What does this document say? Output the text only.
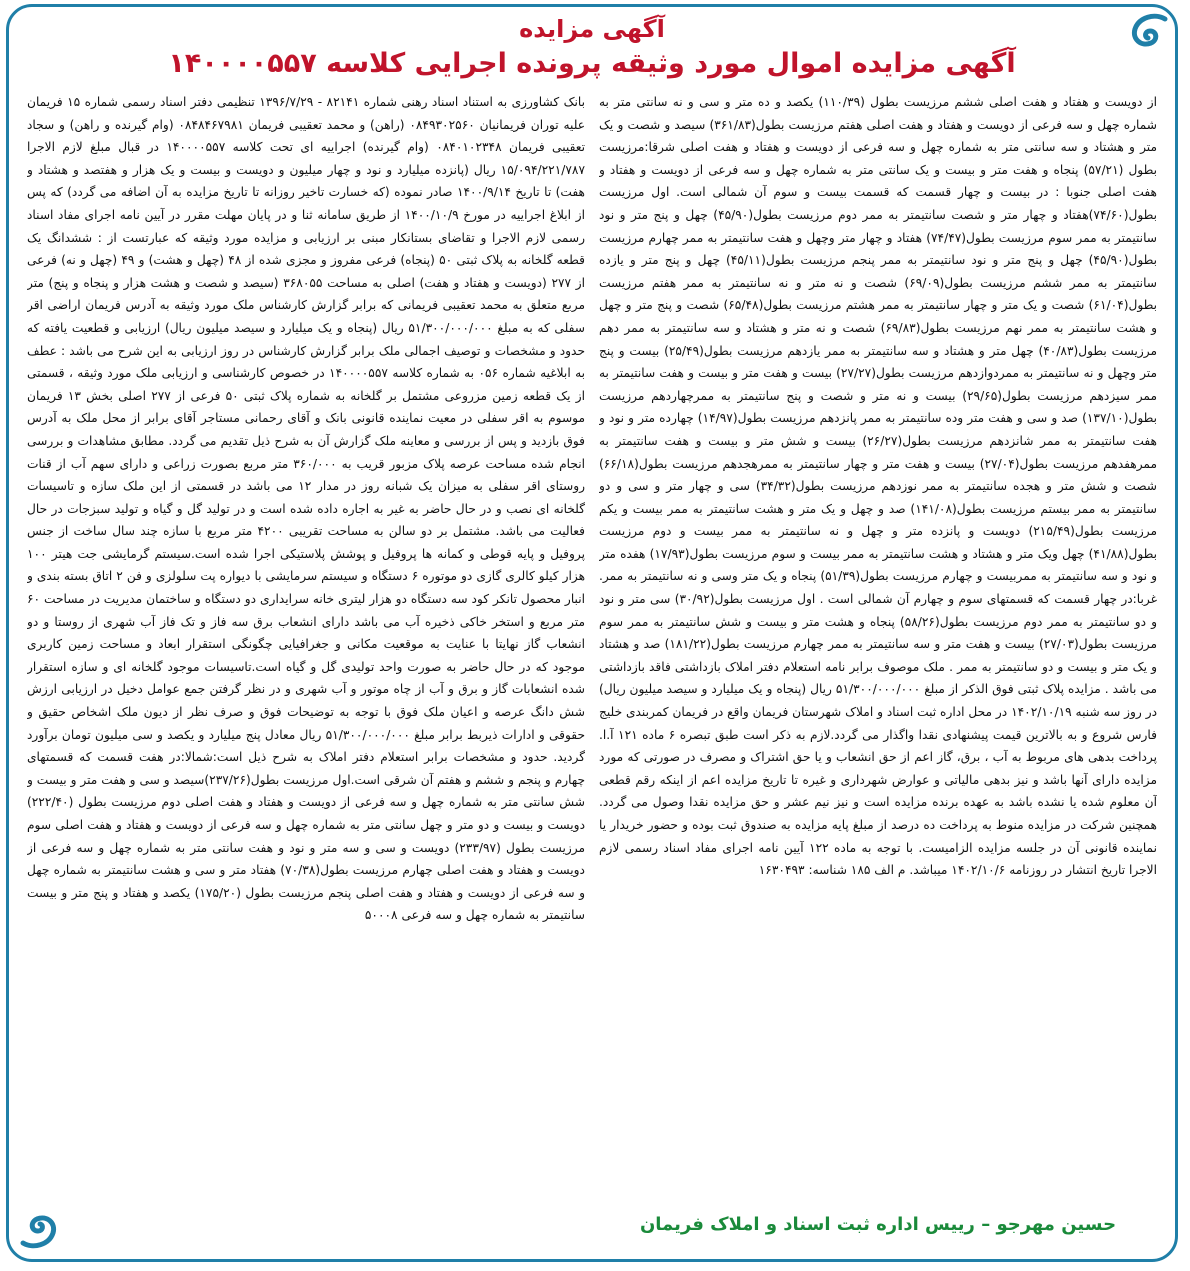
آگهی مزایده

آگهی مزایده اموال مورد وثیقه پرونده اجرایی کلاسه ۱۴۰۰۰۰۵۵۷

بانک کشاورزی به استناد اسناد رهنی شماره ۸۲۱۴۱ - ۱۳۹۶/۷/۲۹ تنظیمی دفتر اسناد رسمی شماره ۱۵ فریمان علیه توران فریمانیان ۰۸۴۹۳۰۲۵۶۰ (راهن) و محمد تعقیبی فریمان ۰۸۴۸۴۶۷۹۸۱ (وام گیرنده و راهن) و سجاد تعقیبی فریمان ۰۸۴۰۱۰۲۳۴۸ (وام گیرنده) اجراییه ای تحت کلاسه ۱۴۰۰۰۰۵۵۷ در قبال مبلغ لازم الاجرا ۱۵/۰۹۴/۲۲۱/۷۸۷ ریال (پانزده میلیارد و نود و چهار میلیون و دویست و بیست و یک هزار و هفتصد و هشتاد و هفت) تا تاریخ ۱۴۰۰/۹/۱۴ صادر نموده (که خسارت تاخیر روزانه تا تاریخ مزایده به آن اضافه می گردد) که پس از ابلاغ اجراییه در مورخ ۱۴۰۰/۱۰/۹ از طریق سامانه ثنا و در پایان مهلت مقرر در آیین نامه اجرای مفاد اسناد رسمی لازم الاجرا و تقاضای بستانکار مبنی بر ارزیابی و مزایده مورد وثیقه که عبارتست از : ششدانگ یک قطعه گلخانه به پلاک ثبتی ۵۰ (پنجاه) فرعی مفروز و مجزی شده از ۴۸ (چهل و هشت) و ۴۹ (چهل و نه) فرعی از ۲۷۷ (دویست و هفتاد و هفت) اصلی به مساحت ۳۶۸۰۵۵ (سیصد و شصت و هشت هزار و پنجاه و پنج) متر مربع متعلق به محمد تعقیبی فریمانی که برابر گزارش کارشناس ملک مورد وثیقه به آدرس فریمان اراضی اقر سفلی که به مبلغ ۵۱/۳۰۰/۰۰۰/۰۰۰ ریال (پنجاه و یک میلیارد و سیصد میلیون ریال) ارزیابی و قطعیت یافته که حدود و مشخصات و توصیف اجمالی ملک برابر گزارش کارشناس در روز ارزیابی به این شرح می باشد : عطف به ابلاغیه شماره ۰۵۶ به شماره کلاسه ۱۴۰۰۰۰۵۵۷ در خصوص کارشناسی و ارزیابی ملک مورد وثیقه ، قسمتی از یک قطعه زمین مزروعی مشتمل بر گلخانه به شماره پلاک ثبتی ۵۰ فرعی از ۲۷۷ اصلی بخش ۱۳ فریمان موسوم به اقر سفلی در معیت نماینده قانونی بانک و آقای رحمانی مستاجر آقای برابر از محل ملک به آدرس فوق بازدید و پس از بررسی و معاینه ملک گزارش آن به شرح ذیل تقدیم می گردد. مطابق مشاهدات و بررسی انجام شده مساحت عرصه پلاک مزبور قریب به ۳۶۰/۰۰۰ متر مربع بصورت زراعی و دارای سهم آب از قنات روستای اقر سفلی به میزان یک شبانه روز در مدار ۱۲ می باشد در قسمتی از این ملک سازه و تاسیسات گلخانه ای نصب و در حال حاضر به غیر به اجاره داده شده است و در تولید گل و گیاه و تولید سبزجات در حال فعالیت می باشد. مشتمل بر دو سالن به مساحت تقریبی ۴۲۰۰ متر مربع با سازه چند سال ساخت از جنس پروفیل و پایه قوطی و کمانه ها پروفیل و پوشش پلاستیکی اجرا شده است.سیستم گرمایشی جت هیتر ۱۰۰ هزار کیلو کالری گازی دو موتوره ۶ دستگاه و سیستم سرمایشی با دیواره پت سلولزی و فن ۲ اتاق بسته بندی و انبار محصول تانکر کود سه دستگاه دو هزار لیتری خانه سرایداری دو دستگاه و ساختمان مدیریت در مساحت ۶۰ متر مربع و استخر خاکی ذخیره آب می باشد دارای انشعاب برق سه فاز و تک فاز آب شهری از روستا و دو انشعاب گاز نهایتا با عنایت به موقعیت مکانی و جغرافیایی چگونگی استقرار ابعاد و مساحت زمین کاربری موجود که در حال حاضر به صورت واحد تولیدی گل و گیاه است.تاسیسات موجود گلخانه ای و سازه استقرار شده انشعابات گاز و برق و آب از چاه موتور و آب شهری و در نظر گرفتن جمع عوامل دخیل در ارزیابی ارزش شش دانگ عرصه و اعیان ملک فوق با توجه به توضیحات فوق و صرف نظر از دیون ملک اشخاص حقیق و حقوقی و ادارات ذیربط برابر مبلغ ۵۱/۳۰۰/۰۰۰/۰۰۰ ریال معادل پنج میلیارد و یکصد و سی میلیون تومان برآورد گردید. حدود و مشخصات برابر استعلام دفتر املاک به شرح ذیل است:شمالا:در هفت قسمت که قسمتهای چهارم و پنجم و ششم و هفتم آن شرقی است.اول مرزیست بطول(۲۳۷/۲۶)سیصد و سی و هفت متر و بیست و شش سانتی متر به شماره چهل و سه فرعی از دویست و هفتاد و هفت اصلی دوم مرزیست بطول (۲۲۲/۴۰) دویست و بیست و دو متر و چهل سانتی متر به شماره چهل و سه فرعی از دویست و هفتاد و هفت اصلی سوم مرزیست بطول (۲۳۳/۹۷) دویست و سی و سه متر و نود و هفت سانتی متر به شماره چهل و سه فرعی از دویست و هفتاد و هفت اصلی چهارم مرزیست بطول(۷۰/۳۸) هفتاد متر و سی و هشت سانتیمتر به شماره چهل و سه فرعی از دویست و هفتاد و هفت اصلی پنجم مرزیست بطول (۱۷۵/۲۰) یکصد و هفتاد و پنج متر و بیست سانتیمتر به شماره چهل و سه فرعی ۵۰۰۰۸

از دویست و هفتاد و هفت اصلی ششم مرزیست بطول (۱۱۰/۳۹) یکصد و ده متر و سی و نه سانتی متر به شماره چهل و سه فرعی از دویست و هفتاد و هفت اصلی هفتم مرزیست بطول(۳۶۱/۸۳) سیصد و شصت و یک متر و هشتاد و سه سانتی متر به شماره چهل و سه فرعی از دویست و هفتاد و هفت اصلی شرقا:مرزیست بطول (۵۷/۲۱) پنجاه و هفت متر و بیست و یک سانتی متر به شماره چهل و سه فرعی از دویست و هفتاد و هفت اصلی جنوبا : در بیست و چهار قسمت که قسمت بیست و سوم آن شمالی است. اول مرزیست بطول(۷۴/۶۰)هفتاد و چهار متر و شصت سانتیمتر به ممر دوم مرزیست بطول(۴۵/۹۰) چهل و پنج متر و نود سانتیمتر به ممر سوم مرزیست بطول(۷۴/۴۷) هفتاد و چهار متر وچهل و هفت سانتیمتر به ممر چهارم مرزیست بطول(۴۵/۹۰) چهل و پنج متر و نود سانتیمتر به ممر پنجم مرزیست بطول(۴۵/۱۱) چهل و پنج متر و یازده سانتیمتر به ممر ششم مرزیست بطول(۶۹/۰۹) شصت و نه متر و نه سانتیمتر به ممر هفتم مرزیست بطول(۶۱/۰۴) شصت و یک متر و چهار سانتیمتر به ممر هشتم مرزیست بطول(۶۵/۴۸) شصت و پنج متر و چهل و هشت سانتیمتر به ممر نهم مرزیست بطول(۶۹/۸۳) شصت و نه متر و هشتاد و سه سانتیمتر به ممر دهم مرزیست بطول(۴۰/۸۳) چهل متر و هشتاد و سه سانتیمتر به ممر یازدهم مرزیست بطول(۲۵/۴۹) بیست و پنج متر وچهل و نه سانتیمتر به ممردوازدهم مرزیست بطول(۲۷/۲۷) بیست و هفت متر و بیست و هفت سانتیمتر به ممر سیزدهم مرزیست بطول(۲۹/۶۵) بیست و نه متر و شصت و پنج سانتیمتر به ممرچهاردهم مرزیست بطول(۱۳۷/۱۰) صد و سی و هفت متر وده سانتیمتر به ممر پانزدهم مرزیست بطول(۱۴/۹۷) چهارده متر و نود و هفت سانتیمتر به ممر شانزدهم مرزیست بطول(۲۶/۲۷) بیست و شش متر و بیست و هفت سانتیمتر به ممرهفدهم مرزیست بطول(۲۷/۰۴) بیست و هفت متر و چهار سانتیمتر به ممرهجدهم مرزیست بطول(۶۶/۱۸) شصت و شش متر و هجده سانتیمتر به ممر نوزدهم مرزیست بطول(۳۴/۳۲) سی و چهار متر و سی و دو سانتیمتر به ممر بیستم مرزیست بطول(۱۴۱/۰۸) صد و چهل و یک متر و هشت سانتیمتر به ممر بیست و یکم مرزیست بطول(۲۱۵/۴۹) دویست و پانزده متر و چهل و نه سانتیمتر به ممر بیست و دوم مرزیست بطول(۴۱/۸۸) چهل ویک متر و هشتاد و هشت سانتیمتر به ممر بیست و سوم مرزیست بطول(۱۷/۹۳) هفده متر و نود و سه سانتیمتر به ممربیست و چهارم مرزیست بطول(۵۱/۳۹) پنجاه و یک متر وسی و نه سانتیمتر به ممر. غربا:در چهار قسمت که قسمتهای سوم و چهارم آن شمالی است . اول مرزیست بطول(۳۰/۹۲) سی متر و نود و دو سانتیمتر به ممر دوم مرزیست بطول(۵۸/۲۶) پنجاه و هشت متر و بیست و شش سانتیمتر به ممر سوم مرزیست بطول(۲۷/۰۳) بیست و هفت متر و سه سانتیمتر به ممر چهارم مرزیست بطول(۱۸۱/۲۲) صد و هشتاد و یک متر و بیست و دو سانتیمتر به ممر . ملک موصوف برابر نامه استعلام دفتر املاک بازداشتی فاقد بازداشتی می باشد . مزایده پلاک ثبتی فوق الذکر از مبلغ ۵۱/۳۰۰/۰۰۰/۰۰۰ ریال (پنجاه و یک میلیارد و سیصد میلیون ریال) در روز سه شنبه ۱۴۰۲/۱۰/۱۹ در محل اداره ثبت اسناد و املاک شهرستان فریمان واقع در فریمان کمربندی خلیج فارس شروع و به بالاترین قیمت پیشنهادی نقدا واگذار می گردد.لازم به ذکر است طبق تبصره ۶ ماده ۱۲۱ آ.ا. پرداخت بدهی های مربوط به آب ، برق، گاز اعم از حق انشعاب و یا حق اشتراک و مصرف در صورتی که مورد مزایده دارای آنها باشد و نیز بدهی مالیاتی و عوارض شهرداری و غیره تا تاریخ مزایده اعم از اینکه رقم قطعی آن معلوم شده یا نشده باشد به عهده برنده مزایده است و نیز نیم عشر و حق مزایده نقدا وصول می گردد. همچنین شرکت در مزایده منوط به پرداخت ده درصد از مبلغ پایه مزایده به صندوق ثبت بوده و حضور خریدار یا نماینده قانونی آن در جلسه مزایده الزامیست. با توجه به ماده ۱۲۲ آیین نامه اجرای مفاد اسناد رسمی لازم الاجرا تاریخ انتشار در روزنامه ۱۴۰۲/۱۰/۶ میباشد. م الف ۱۸۵ شناسه: ۱۶۳۰۴۹۳

حسین مهرجو – رییس اداره ثبت اسناد و املاک فریمان
